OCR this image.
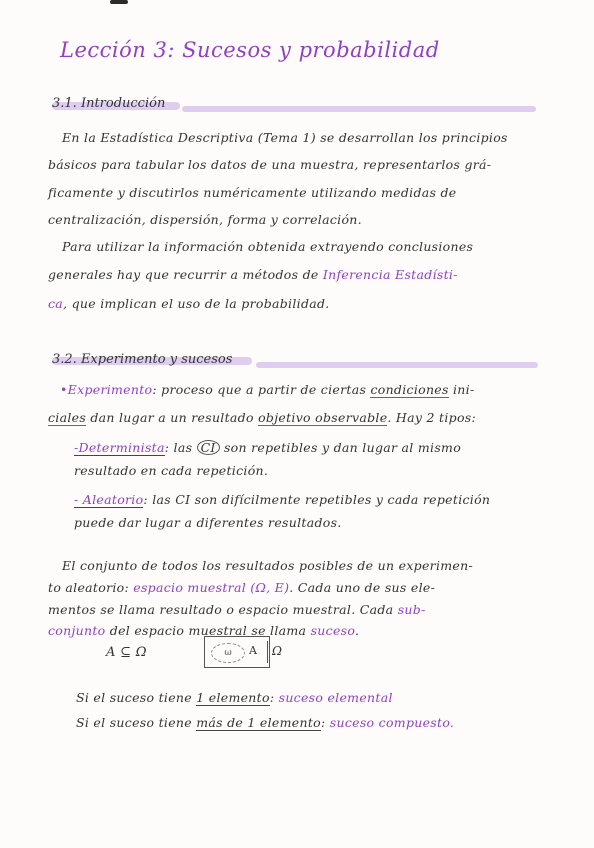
Lección 3: Sucesos y probabilidad
3.1. Introducción
En la Estadística Descriptiva (Tema 1) se desarrollan los principios
básicos para tabular los datos de una muestra, representarlos grá-
ficamente y discutirlos numéricamente utilizando medidas de
centralización, dispersión, forma y correlación.
Para utilizar la información obtenida extrayendo conclusiones
generales hay que recurrir a métodos de Inferencia Estadísti-
ca, que implican el uso de la probabilidad.
3.2. Experimento y sucesos
•Experimento: proceso que a partir de ciertas condiciones ini-
ciales dan lugar a un resultado objetivo observable. Hay 2 tipos:
-Determinista: las CI son repetibles y dan lugar al mismo
resultado en cada repetición.
- Aleatorio: las CI son difícilmente repetibles y cada repetición
puede dar lugar a diferentes resultados.
El conjunto de todos los resultados posibles de un experimen-
to aleatorio: espacio muestral (Ω, E). Cada uno de sus ele-
mentos se llama resultado o espacio muestral. Cada sub-
conjunto del espacio muestral se llama suceso.
A ⊆ Ω	ω	A Ω
Si el suceso tiene 1 elemento: suceso elemental
Si el suceso tiene más de 1 elemento: suceso compuesto.
